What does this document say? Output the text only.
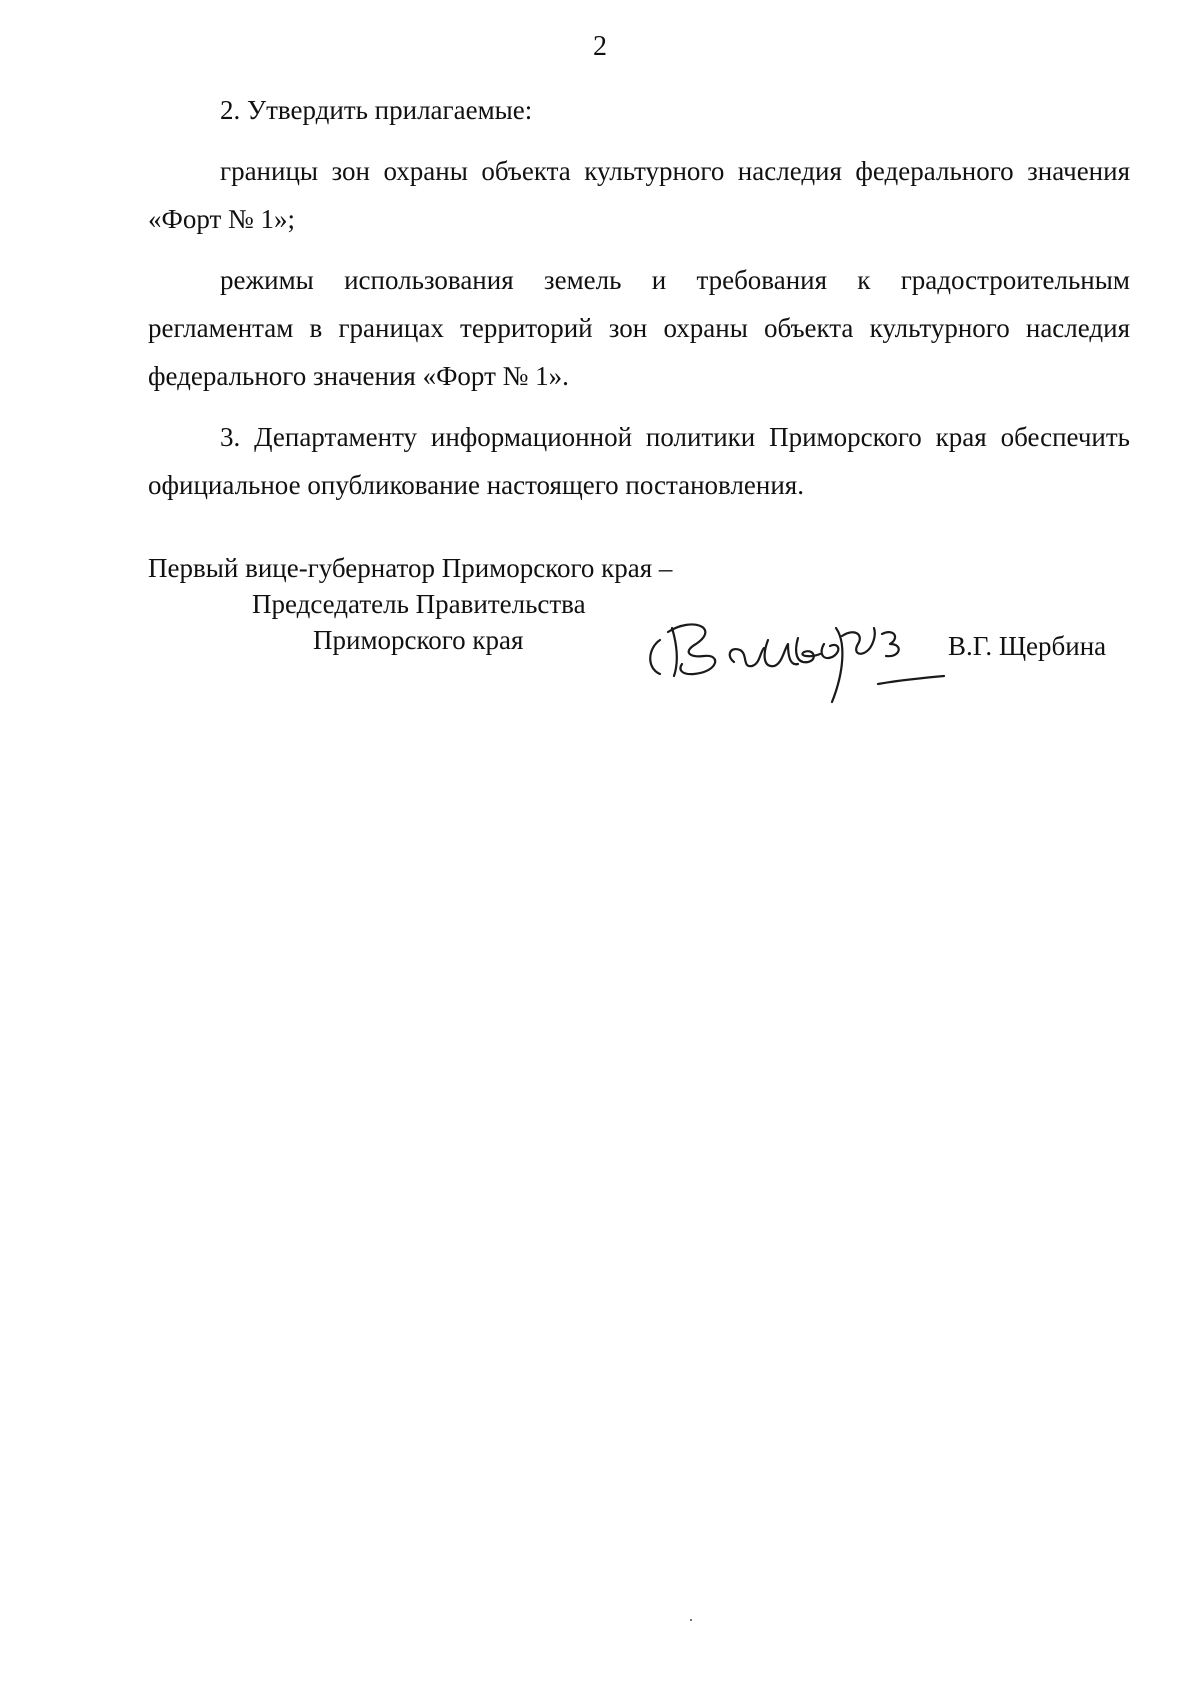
2

2. Утвердить прилагаемые:

границы зон охраны объекта культурного наследия федерального значения «Форт № 1»;

режимы использования земель и требования к градостроительным регламентам в границах территорий зон охраны объекта культурного наследия федерального значения «Форт № 1».

3. Департаменту информационной политики Приморского края обеспечить официальное опубликование настоящего постановления.

Первый вице-губернатор Приморского края –
Председатель Правительства
Приморского края	В.Г. Щербина
